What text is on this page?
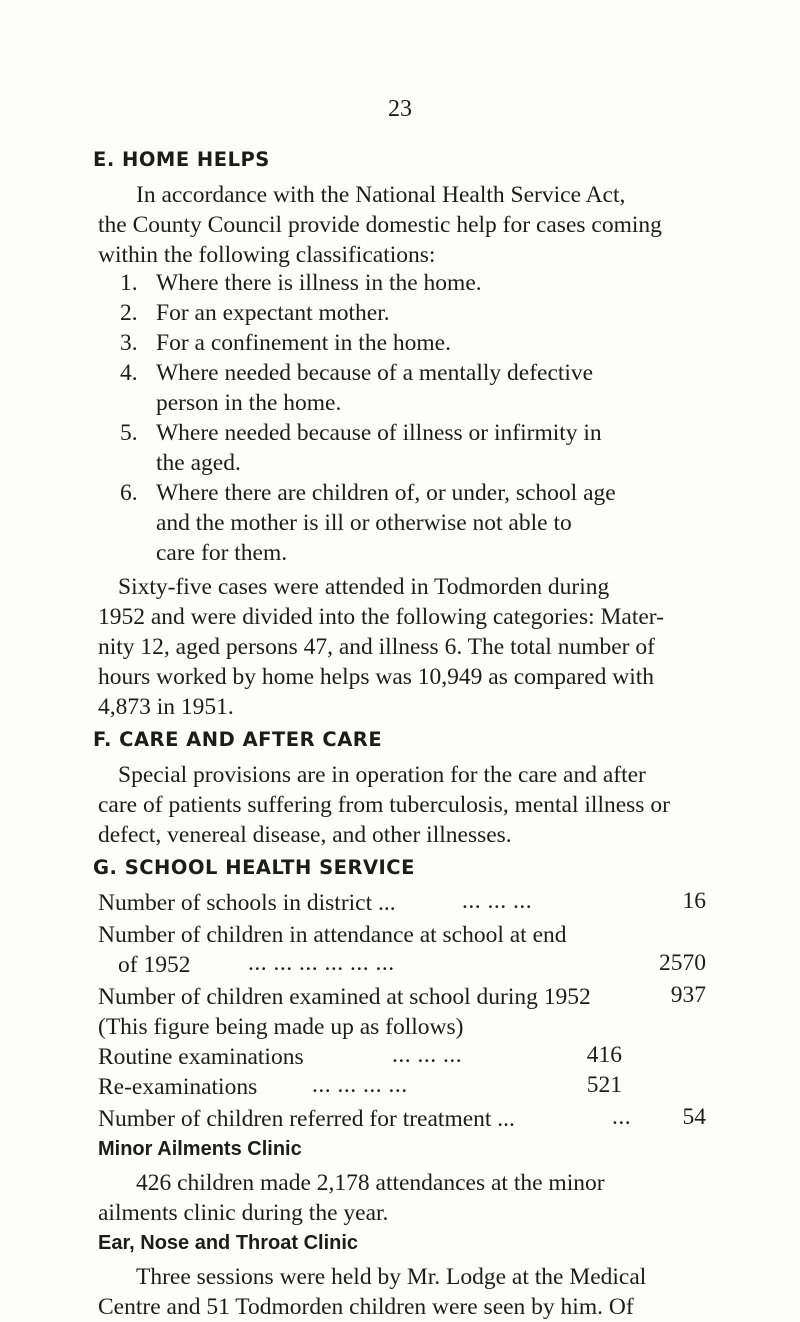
23
E. HOME HELPS
In accordance with the National Health Service Act,
the County Council provide domestic help for cases coming
within the following classifications:
1. Where there is illness in the home.
2. For an expectant mother.
3. For a confinement in the home.
4. Where needed because of a mentally defective
person in the home.
5. Where needed because of illness or infirmity in
the aged.
6. Where there are children of, or under, school age
and the mother is ill or otherwise not able to
care for them.
Sixty-five cases were attended in Todmorden during
1952 and were divided into the following categories: Mater-
nity 12, aged persons 47, and illness 6. The total number of
hours worked by home helps was 10,949 as compared with
4,873 in 1951.
F. CARE AND AFTER CARE
Special provisions are in operation for the care and after
care of patients suffering from tuberculosis, mental illness or
defect, venereal disease, and other illnesses.
G. SCHOOL HEALTH SERVICE
Number of schools in district ...	... ... ...	16
Number of children in attendance at school at end
of 1952 ... ... ... ... ... ...	2570
Number of children examined at school during 1952	937
(This figure being made up as follows)
Routine examinations	... ... ...	416
Re-examinations ... ... ... ...	521
Number of children referred for treatment ...	... 54
Minor Ailments Clinic
426 children made 2,178 attendances at the minor
ailments clinic during the year.
Ear, Nose and Throat Clinic
Three sessions were held by Mr. Lodge at the Medical
Centre and 51 Todmorden children were seen by him. Of
